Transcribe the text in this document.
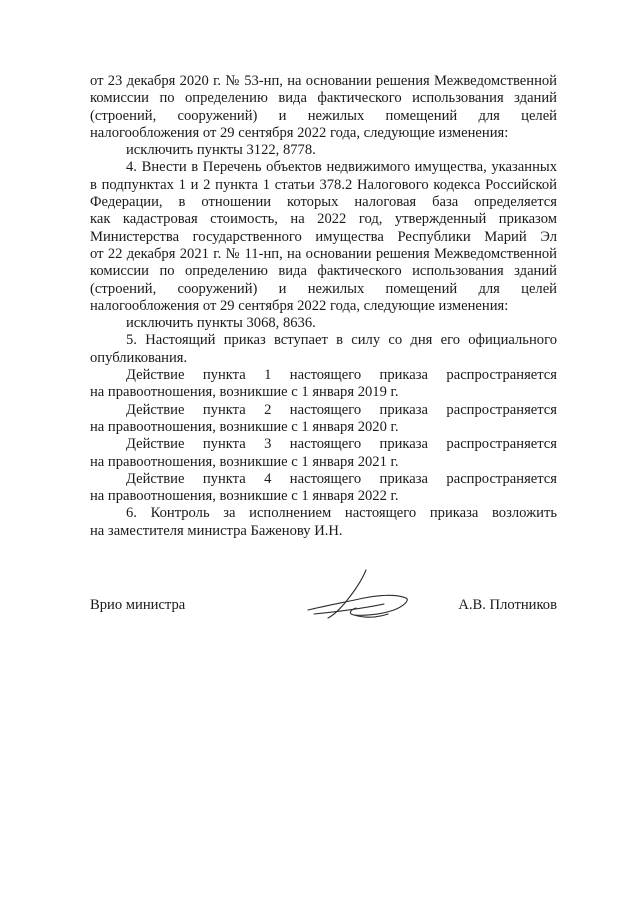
от 23 декабря 2020 г. № 53-нп, на основании решения Межведомственной
комиссии по определению вида фактического использования зданий
(строений, сооружений) и нежилых помещений для целей
налогообложения от 29 сентября 2022 года, следующие изменения:
исключить пункты 3122, 8778.
4. Внести в Перечень объектов недвижимого имущества, указанных
в подпунктах 1 и 2 пункта 1 статьи 378.2 Налогового кодекса Российской
Федерации, в отношении которых налоговая база определяется
как кадастровая стоимость, на 2022 год, утвержденный приказом
Министерства государственного имущества Республики Марий Эл
от 22 декабря 2021 г. № 11-нп, на основании решения Межведомственной
комиссии по определению вида фактического использования зданий
(строений, сооружений) и нежилых помещений для целей
налогообложения от 29 сентября 2022 года, следующие изменения:
исключить пункты 3068, 8636.
5. Настоящий приказ вступает в силу со дня его официального
опубликования.
Действие пункта 1 настоящего приказа распространяется
на правоотношения, возникшие с 1 января 2019 г.
Действие пункта 2 настоящего приказа распространяется
на правоотношения, возникшие с 1 января 2020 г.
Действие пункта 3 настоящего приказа распространяется
на правоотношения, возникшие с 1 января 2021 г.
Действие пункта 4 настоящего приказа распространяется
на правоотношения, возникшие с 1 января 2022 г.
6. Контроль за исполнением настоящего приказа возложить
на заместителя министра Баженову И.Н.
Врио министра	А.В. Плотников
